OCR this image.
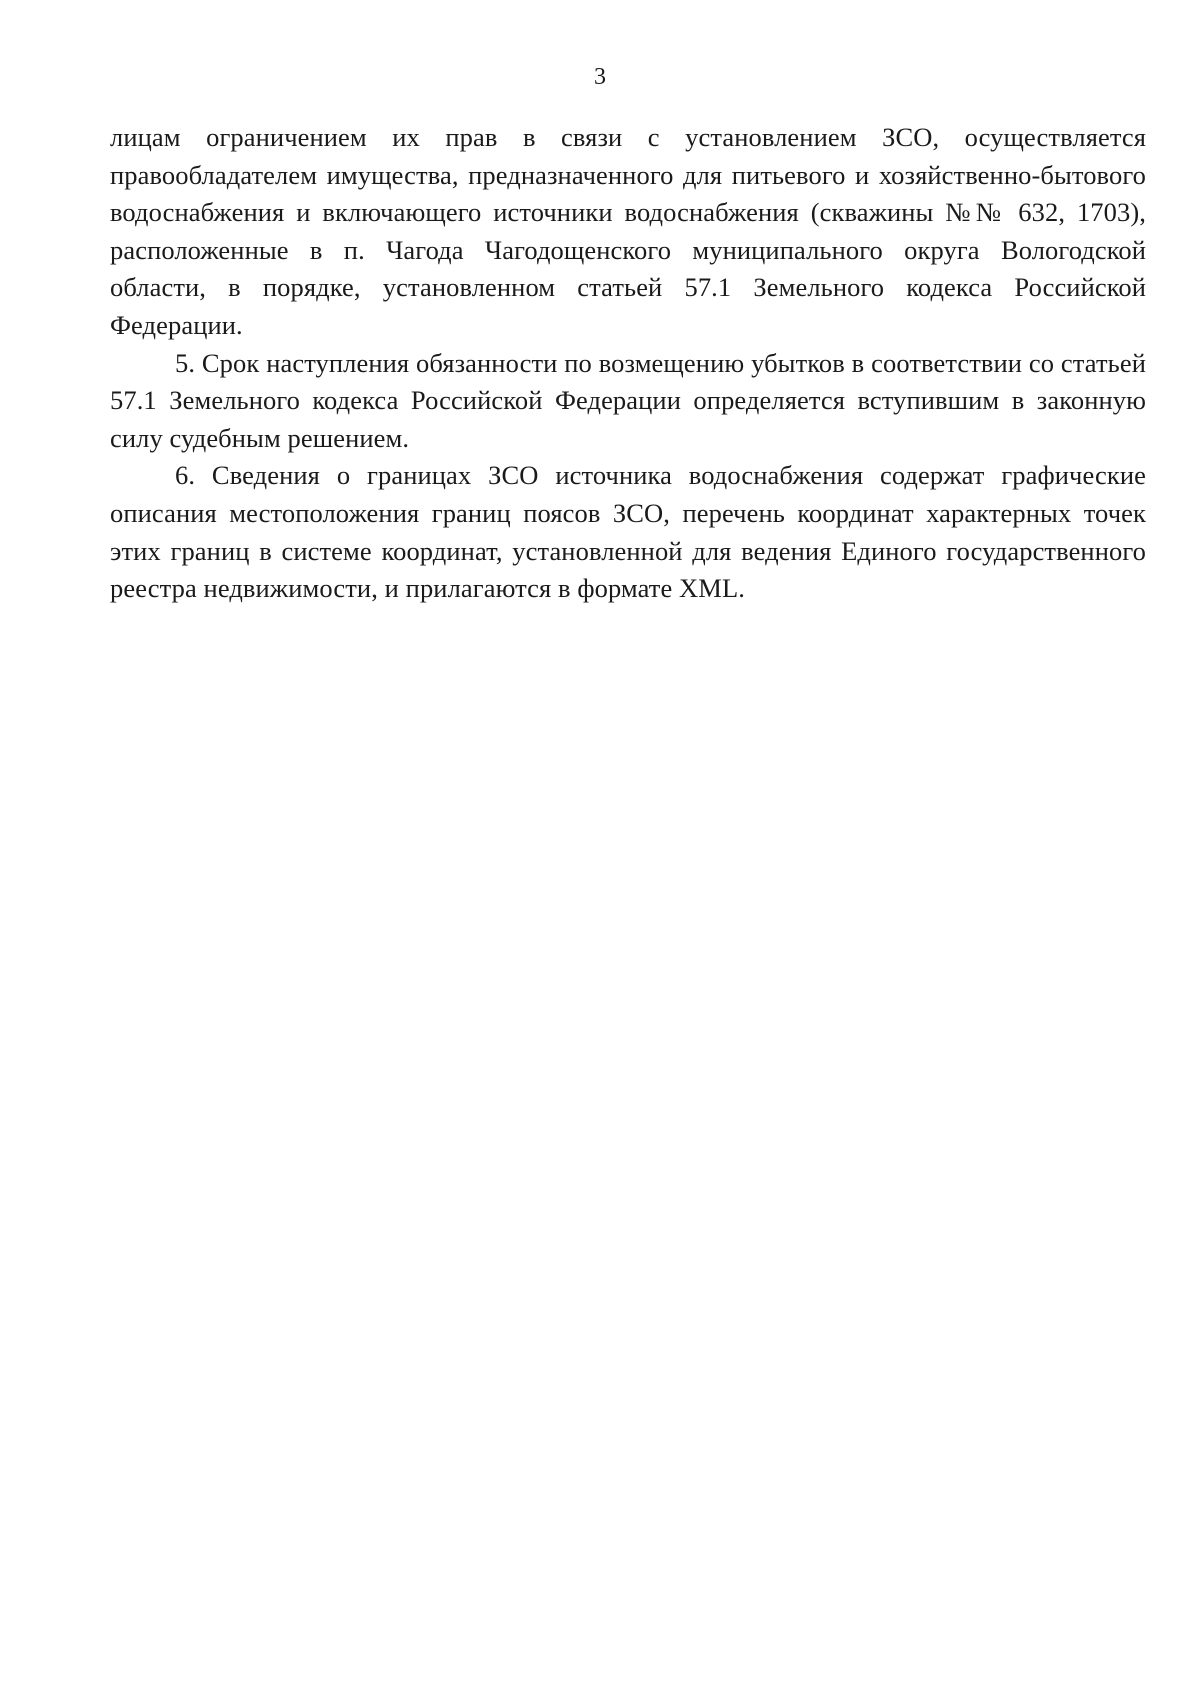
3

лицам ограничением их прав в связи с установлением ЗСО, осуществляется правообладателем имущества, предназначенного для питьевого и хозяйственно-бытового водоснабжения и включающего источники водоснабжения (скважины №№ 632, 1703), расположенные в п. Чагода Чагодощенского муниципального округа Вологодской области, в порядке, установленном статьей 57.1 Земельного кодекса Российской Федерации.

5. Срок наступления обязанности по возмещению убытков в соответствии со статьей 57.1 Земельного кодекса Российской Федерации определяется вступившим в законную силу судебным решением.

6. Сведения о границах ЗСО источника водоснабжения содержат графические описания местоположения границ поясов ЗСО, перечень координат характерных точек этих границ в системе координат, установленной для ведения Единого государственного реестра недвижимости, и прилагаются в формате XML.
